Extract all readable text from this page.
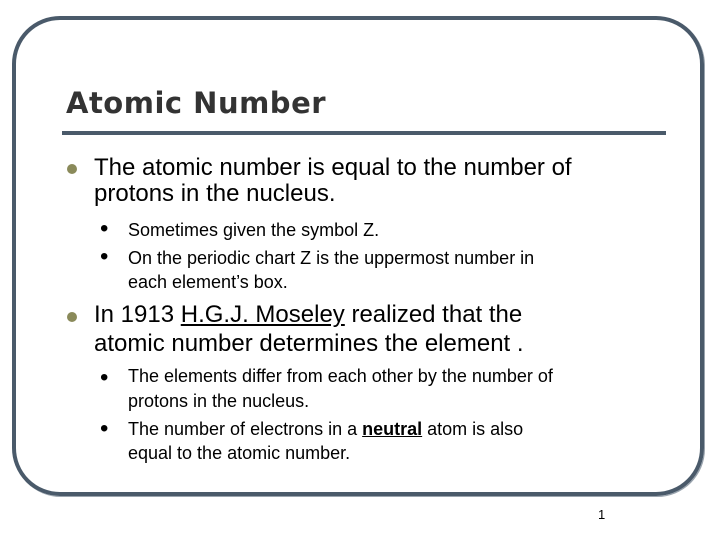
Atomic Number
The atomic number is equal to the number of
protons in the nucleus.
• Sometimes given the symbol Z.
• On the periodic chart Z is the uppermost number in
each element’s box.
In 1913 H.G.J. Moseley realized that the
atomic number determines the element .
• The elements differ from each other by the number of
protons in the nucleus.
• The number of electrons in a neutral atom is also
equal to the atomic number.
1
